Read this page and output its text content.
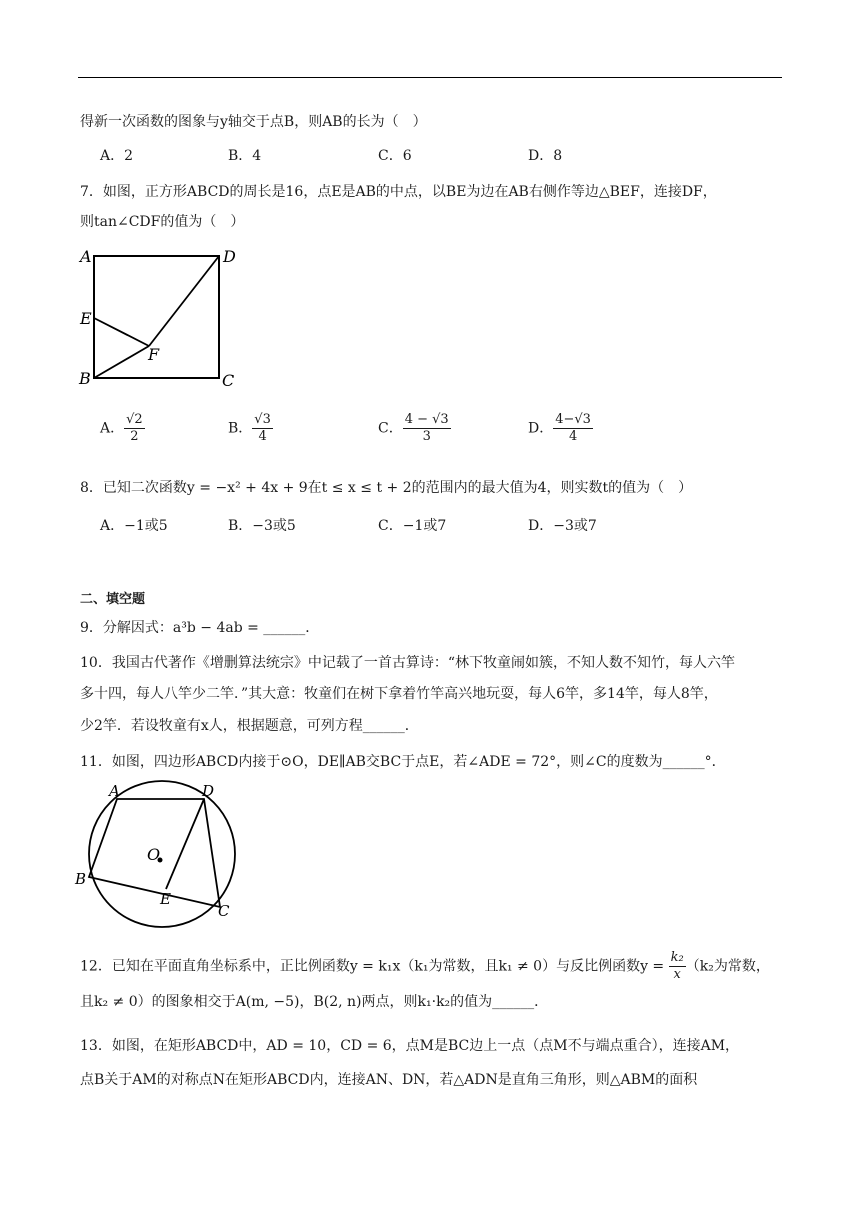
得新一次函数的图象与y轴交于点B，则AB的长为（　）
A．2	B．4	C．6	D．8
7．如图，正方形ABCD的周长是16，点E是AB的中点，以BE为边在AB右侧作等边△BEF，连接DF，
则tan∠CDF的值为（　）
A	D
E
F
B	C
A． $\frac{√2}{2}$	B． $\frac{√3}{4}$	C． $\frac{4 - √3}{3}$	D． $\frac{4-√3}{4}$
8．已知二次函数y = −x² + 4x + 9在t ≤ x ≤ t + 2的范围内的最大值为4，则实数t的值为（　）
A．−1或5	B．−3或5	C．−1或7	D．−3或7
二、填空题
9．分解因式：a³b − 4ab = ______．
10．我国古代著作《增删算法统宗》中记载了一首古算诗：“林下牧童闹如簇，不知人数不知竹，每人六竿
多十四，每人八竿少二竿．”其大意：牧童们在树下拿着竹竿高兴地玩耍，每人6竿，多14竿，每人8竿，
少2竿．若设牧童有x人，根据题意，可列方程______．
11．如图，四边形ABCD内接于⊙O，DE∥AB交BC于点E，若∠ADE = 72°，则∠C的度数为______°．
O
A	D
B
E
C
12．已知在平面直角坐标系中，正比例函数y = k₁x（k₁为常数，且k₁ ≠ 0）与反比例函数$y = \frac{\text{k₂}}{x} (k_2$为常数，
且k₂ ≠ 0）的图象相交于A(m, −5)，B(2, n)两点，则k₁·k₂的值为______．
13．如图，在矩形ABCD中，AD = 10，CD = 6，点M是BC边上一点（点M不与端点重合），连接AM，
点B关于AM的对称点N在矩形ABCD内，连接AN、DN，若△ADN是直角三角形，则△ABM的面积
